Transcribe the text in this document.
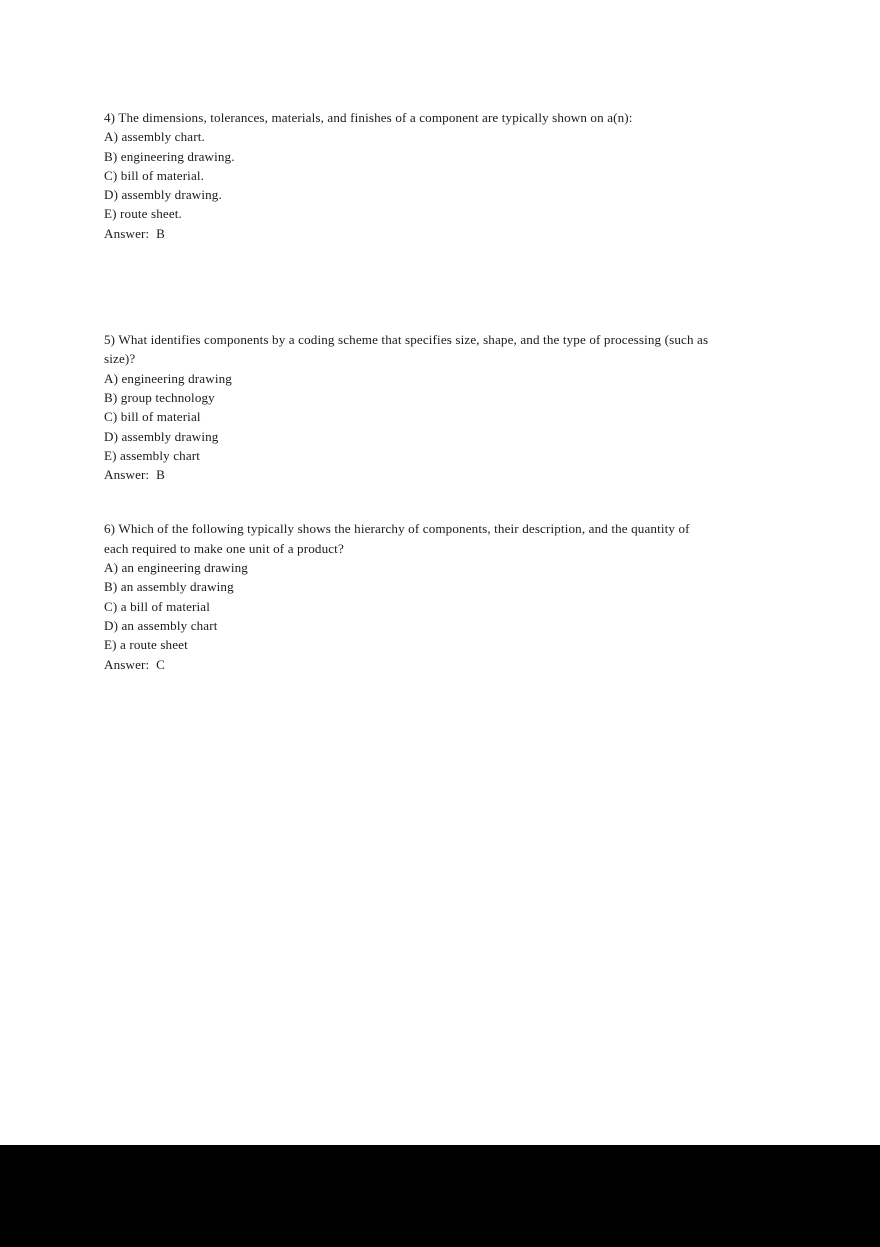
4) The dimensions, tolerances, materials, and finishes of a component are typically shown on a(n):
A) assembly chart.
B) engineering drawing.
C) bill of material.
D) assembly drawing.
E) route sheet.
Answer:  B
5) What identifies components by a coding scheme that specifies size, shape, and the type of processing (such as size)?
A) engineering drawing
B) group technology
C) bill of material
D) assembly drawing
E) assembly chart
Answer:  B
6) Which of the following typically shows the hierarchy of components, their description, and the quantity of each required to make one unit of a product?
A) an engineering drawing
B) an assembly drawing
C) a bill of material
D) an assembly chart
E) a route sheet
Answer:  C
